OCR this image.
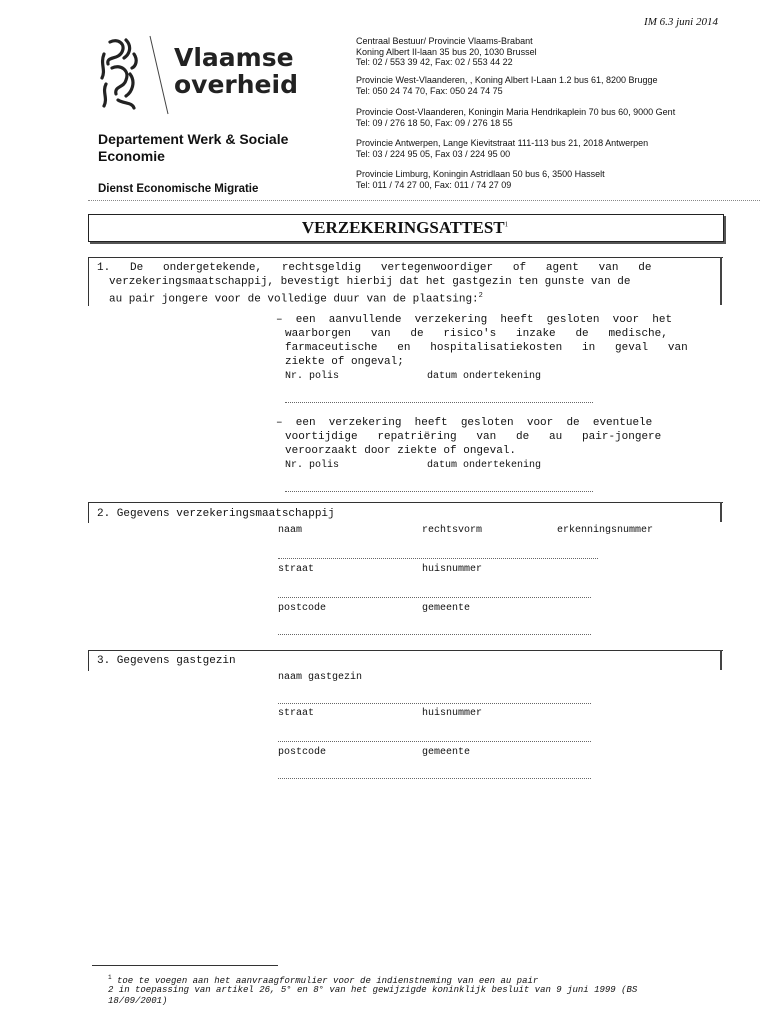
IM 6.3 juni 2014
Vlaamse
overheid
Departement Werk & Sociale Economie
Dienst Economische Migratie
Centraal Bestuur/ Provincie Vlaams-Brabant
Koning Albert II-laan 35 bus 20, 1030 Brussel
Tel: 02 / 553 39 42, Fax: 02 / 553 44 22
Provincie West-Vlaanderen, , Koning Albert I-Laan 1.2 bus 61, 8200 Brugge
Tel: 050 24 74 70, Fax: 050 24 74 75
Provincie Oost-Vlaanderen, Koningin Maria Hendrikaplein 70 bus 60, 9000 Gent
Tel: 09 / 276 18 50, Fax: 09 / 276 18 55
Provincie Antwerpen, Lange Kievitstraat 111-113 bus 21, 2018 Antwerpen
Tel: 03 / 224 95 05, Fax 03 / 224 95 00
Provincie Limburg, Koningin Astridlaan 50 bus 6, 3500 Hasselt
Tel: 011 / 74 27 00, Fax: 011 / 74 27 09
VERZEKERINGSATTEST$^1$
1.   De   ondergetekende,   rechtsgeldig   vertegenwoordiger   of   agent   van   de
verzekeringsmaatschappij, bevestigt hierbij dat het gastgezin ten gunste van de
au pair jongere voor de volledige duur van de plaatsing:$^2$
–  een  aanvullende  verzekering  heeft  gesloten  voor  het
waarborgen   van   de   risico's   inzake   de   medische,
farmaceutische   en   hospitalisatiekosten   in   geval   van
ziekte of ongeval;
Nr. polis	datum ondertekening
–  een  verzekering  heeft  gesloten  voor  de  eventuele
voortijdige   repatriëring   van   de   au   pair-jongere
veroorzaakt door ziekte of ongeval.
Nr. polis	datum ondertekening
2. Gegevens verzekeringsmaatschappij
naam	rechtsvorm	erkenningsnummer
straat	huisnummer
postcode	gemeente
3. Gegevens gastgezin
naam gastgezin
straat	huisnummer
postcode	gemeente
$^1$ toe te voegen aan het aanvraagformulier voor de indienstneming van een au pair
2 in toepassing van artikel 26, 5° en 8° van het gewijzigde koninklijk besluit van 9 juni 1999 (BS
18/09/2001)
